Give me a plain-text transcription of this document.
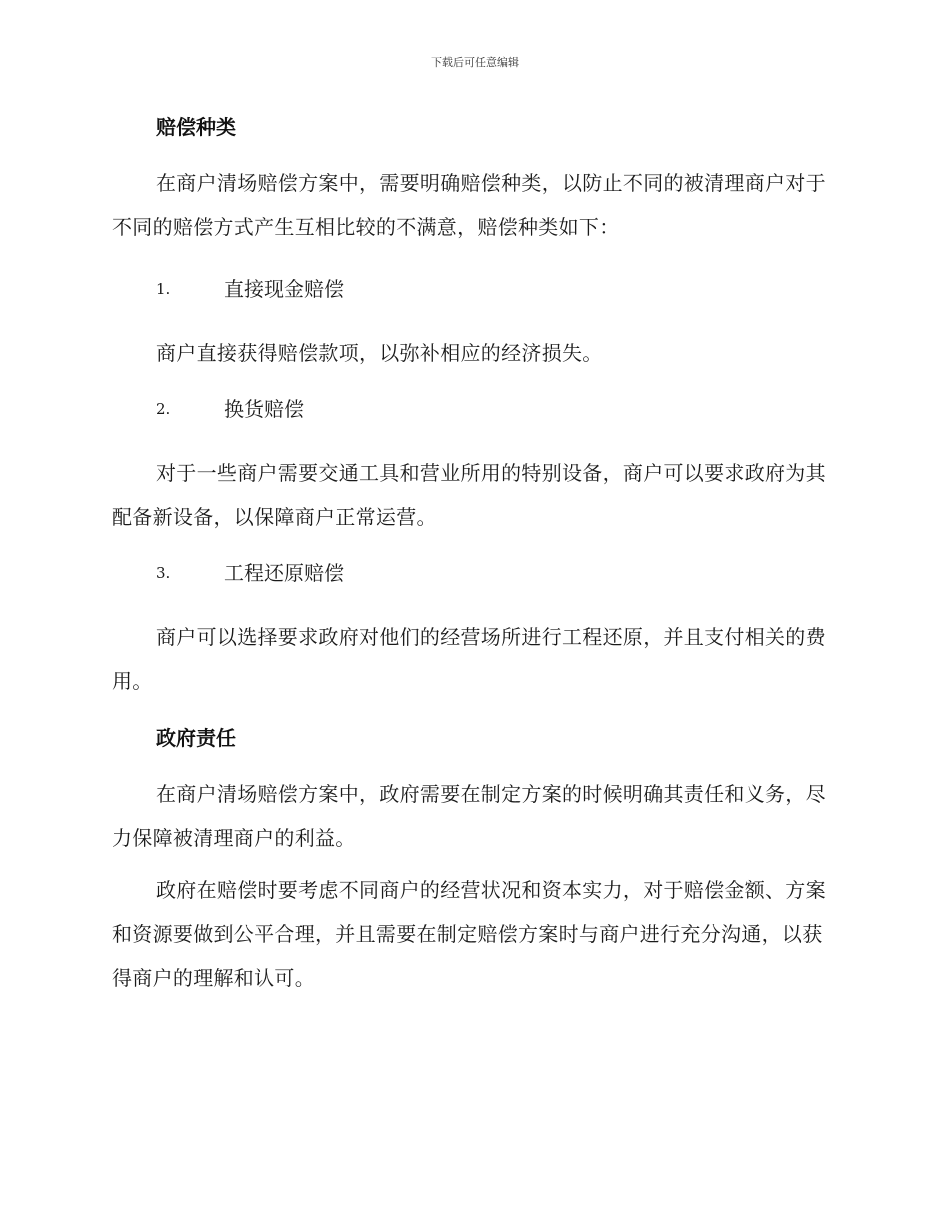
下载后可任意编辑
赔偿种类

在商户清场赔偿方案中，需要明确赔偿种类，以防止不同的被清理商户对于不同的赔偿方式产生互相比较的不满意，赔偿种类如下：

1.	直接现金赔偿

商户直接获得赔偿款项，以弥补相应的经济损失。

2.	换货赔偿

对于一些商户需要交通工具和营业所用的特别设备，商户可以要求政府为其配备新设备，以保障商户正常运营。

3.	工程还原赔偿

商户可以选择要求政府对他们的经营场所进行工程还原，并且支付相关的费用。

政府责任

在商户清场赔偿方案中，政府需要在制定方案的时候明确其责任和义务，尽力保障被清理商户的利益。

政府在赔偿时要考虑不同商户的经营状况和资本实力，对于赔偿金额、方案和资源要做到公平合理，并且需要在制定赔偿方案时与商户进行充分沟通，以获得商户的理解和认可。
